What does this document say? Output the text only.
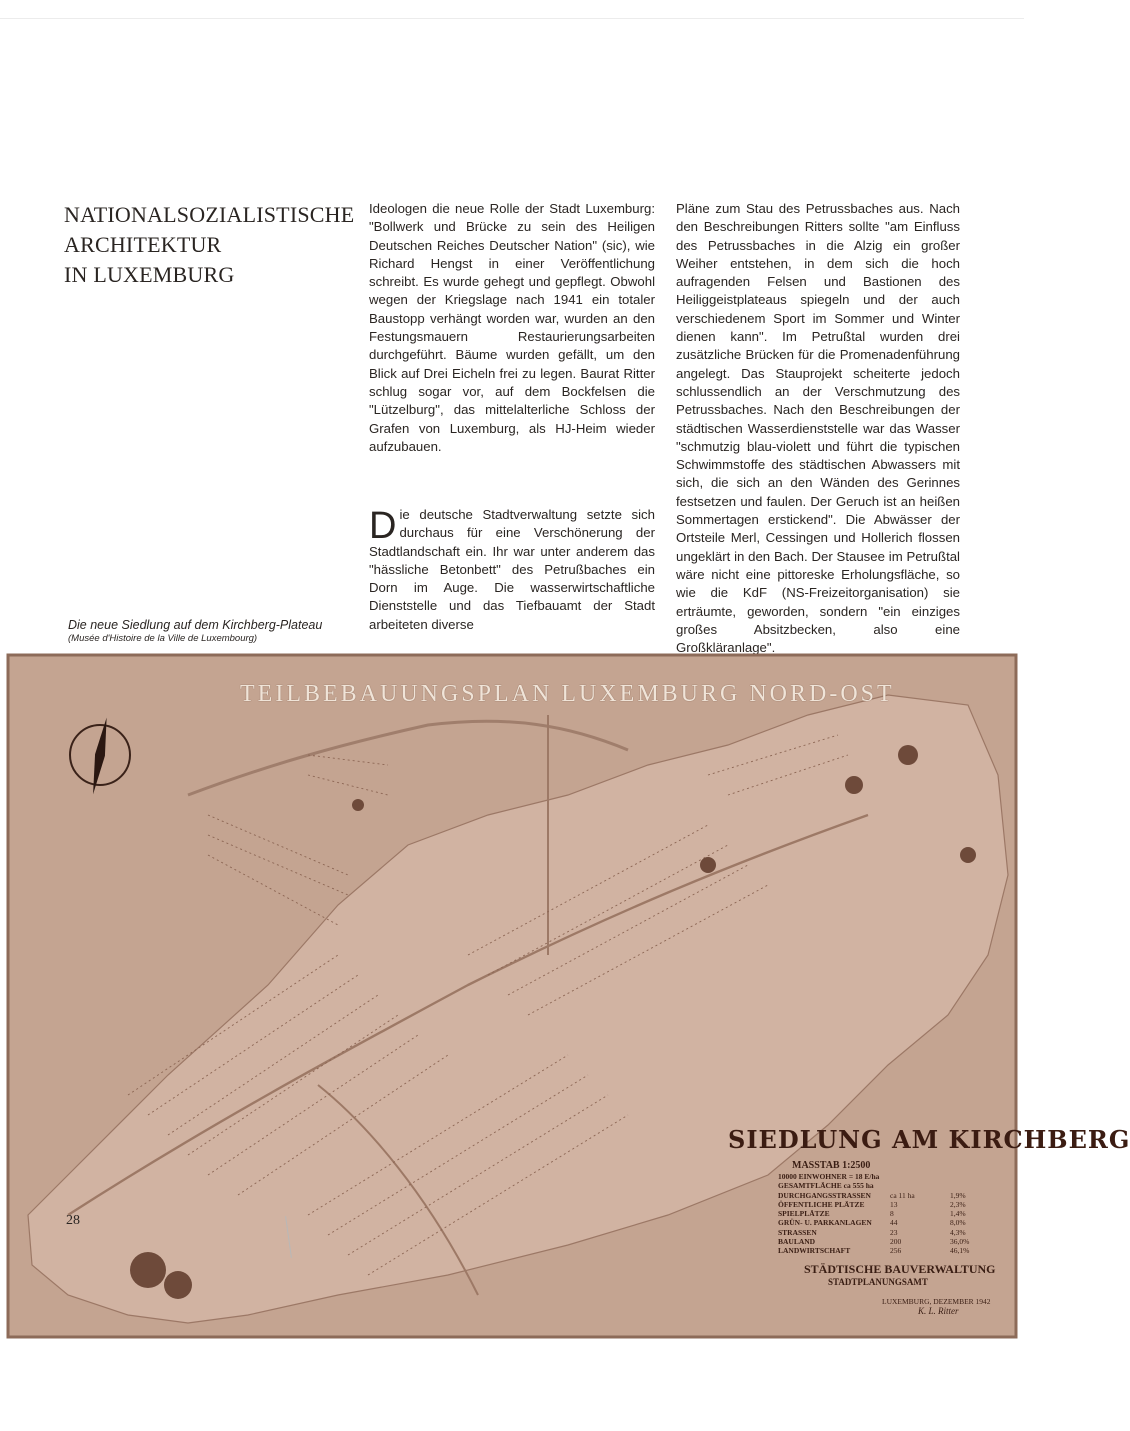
NATIONALSOZIALISTISCHE
ARCHITEKTUR
IN LUXEMBURG

Ideologen die neue Rolle der Stadt Luxemburg: "Bollwerk und Brücke zu sein des Heiligen Deutschen Reiches Deutscher Nation" (sic), wie Richard Hengst in einer Veröffentlichung schreibt. Es wurde gehegt und gepflegt. Obwohl wegen der Kriegslage nach 1941 ein totaler Baustopp verhängt worden war, wurden an den Festungsmauern Restaurierungsarbeiten durchgeführt. Bäume wurden gefällt, um den Blick auf Drei Eicheln frei zu legen. Baurat Ritter schlug sogar vor, auf dem Bockfelsen die "Lützelburg", das mittelalterliche Schloss der Grafen von Luxemburg, als HJ-Heim wieder aufzubauen.

Die deutsche Stadtverwaltung setzte sich durchaus für eine Verschönerung der Stadtlandschaft ein. Ihr war unter anderem das "hässliche Betonbett" des Petrußbaches ein Dorn im Auge. Die wasserwirtschaftliche Dienststelle und das Tiefbauamt der Stadt arbeiteten diverse

Pläne zum Stau des Petrussbaches aus. Nach den Beschreibungen Ritters sollte "am Einfluss des Petrussbaches in die Alzig ein großer Weiher entstehen, in dem sich die hoch aufragenden Felsen und Bastionen des Heiliggeistplateaus spiegeln und der auch verschiedenem Sport im Sommer und Winter dienen kann". Im Petrußtal wurden drei zusätzliche Brücken für die Promenadenführung angelegt. Das Stauprojekt scheiterte jedoch schlussendlich an der Verschmutzung des Petrussbaches. Nach den Beschreibungen der städtischen Wasserdienststelle war das Wasser "schmutzig blau-violett und führt die typischen Schwimmstoffe des städtischen Abwassers mit sich, die sich an den Wänden des Gerinnes festsetzen und faulen. Der Geruch ist an heißen Sommertagen erstickend". Die Abwässer der Ortsteile Merl, Cessingen und Hollerich flossen ungeklärt in den Bach. Der Stausee im Petrußtal wäre nicht eine pittoreske Erholungsfläche, so wie die KdF (NS-Freizeitorganisation) sie erträumte, geworden, sondern "ein einziges großes Absitzbecken, also eine Großkläranlage".

Die neue Siedlung auf dem Kirchberg-Plateau
(Musée d'Histoire de la Ville de Luxembourg)
TEILBEBAUUNGSPLAN LUXEMBURG NORD-OST
SIEDLUNG AM KIRCHBERG
MASSTAB 1:2500
10000 EINWOHNER = 18 E/ha
GESAMTFLÄCHE ca 555 ha
DURCHGANGSSTRASSEN	ca 11 ha	1,9%
ÖFFENTLICHE PLÄTZE	13	2,3%
SPIELPLÄTZE	8	1,4%
GRÜN- U. PARKANLAGEN	44	8,0%
STRASSEN	23	4,3%
BAULAND	200	36,0%
LANDWIRTSCHAFT	256	46,1%
STÄDTISCHE BAUVERWALTUNG
STADTPLANUNGSAMT
LUXEMBURG, DEZEMBER 1942
K. L. Ritter
28
